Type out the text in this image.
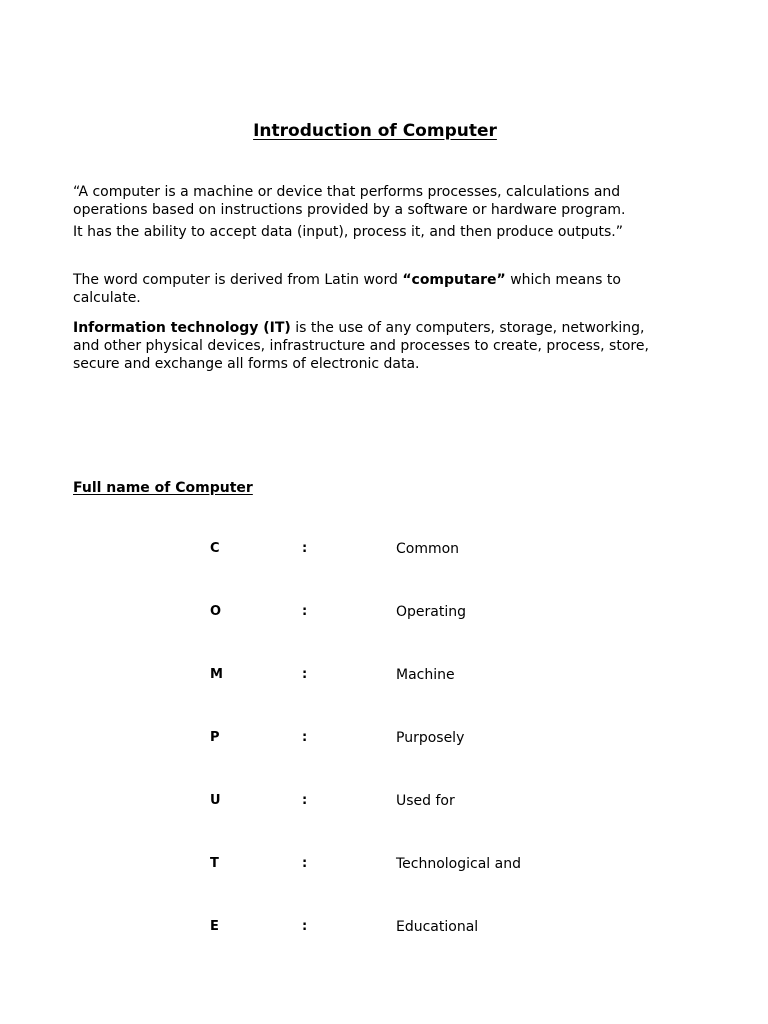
Introduction of Computer
“A computer is a machine or device that performs processes, calculations and operations based on instructions provided by a software or hardware program.
It has the ability to accept data (input), process it, and then produce outputs.”
The word computer is derived from Latin word “computare” which means to calculate.
Information technology (IT) is the use of any computers, storage, networking, and other physical devices, infrastructure and processes to create, process, store, secure and exchange all forms of electronic data.
Full name of Computer
C	:	Common
O	:	Operating
M	:	Machine
P	:	Purposely
U	:	Used for
T	:	Technological and
E	:	Educational
